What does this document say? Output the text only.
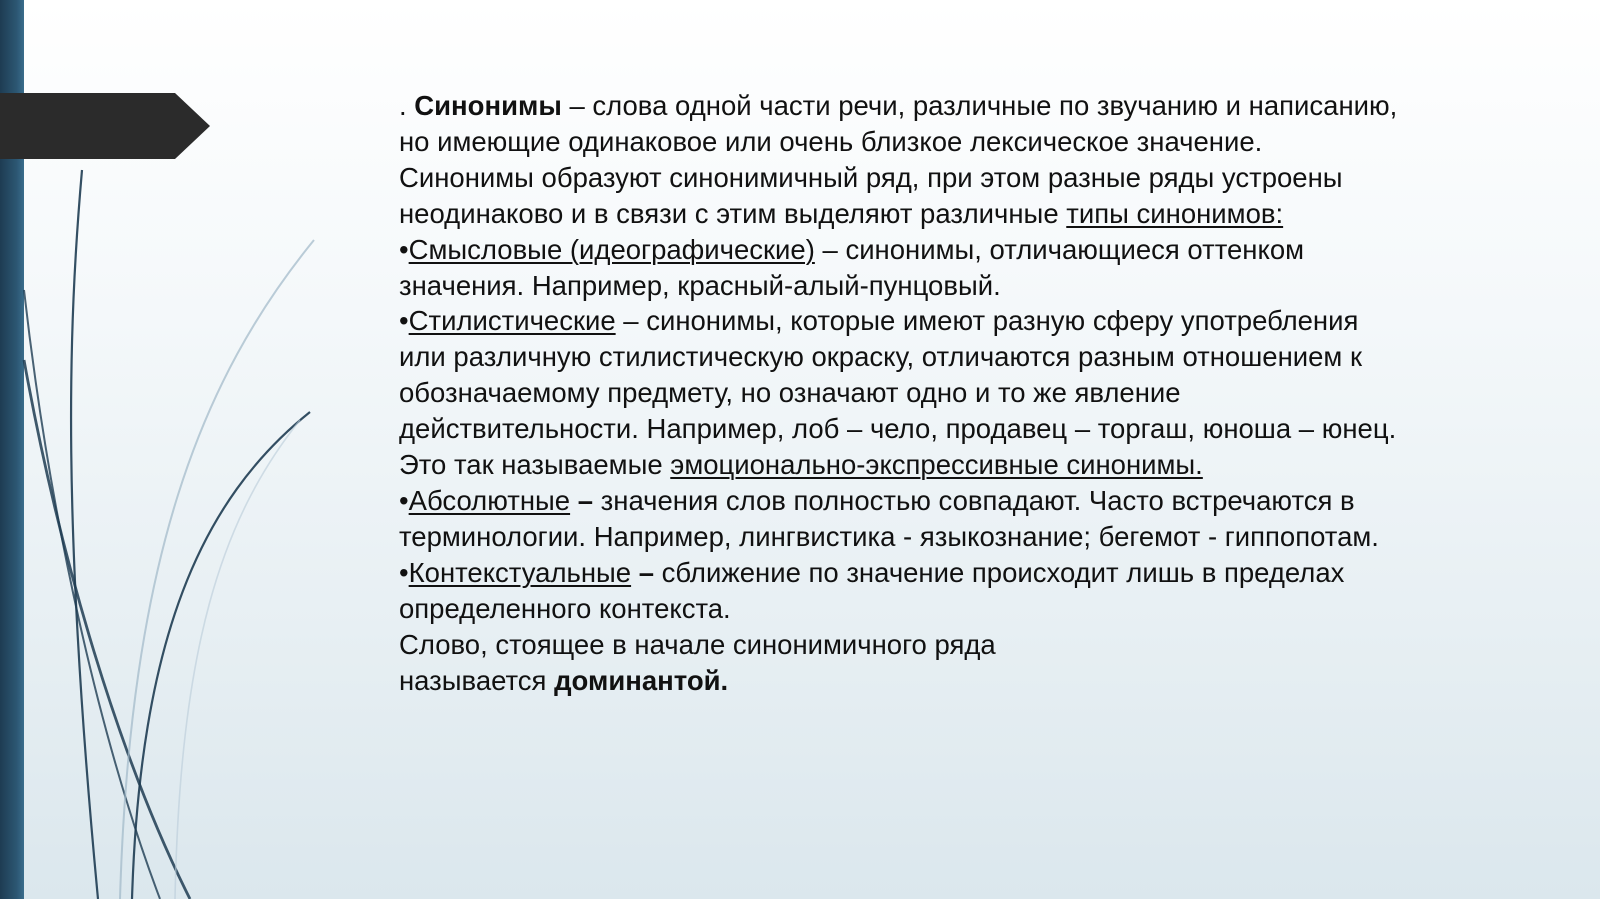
. Синонимы – слова одной части речи, различные по звучанию и написанию, но имеющие одинаковое или очень близкое лексическое значение.

Синонимы образуют синонимичный ряд, при этом разные ряды устроены неодинаково и в связи с этим выделяют различные типы синонимов:

•Смысловые (идеографические) – синонимы, отличающиеся оттенком значения. Например, красный-алый-пунцовый.

•Стилистические – синонимы, которые имеют разную сферу употребления или различную стилистическую окраску, отличаются разным отношением к обозначаемому предмету, но означают одно и то же явление действительности. Например, лоб – чело, продавец – торгаш, юноша – юнец. Это так называемые эмоционально-экспрессивные синонимы.

•Абсолютные – значения слов полностью совпадают. Часто встречаются в терминологии. Например, лингвистика - языкознание; бегемот - гиппопотам.

•Контекстуальные – сближение по значение происходит лишь в пределах определенного контекста.

Слово, стоящее в начале синонимичного ряда называется доминантой.
